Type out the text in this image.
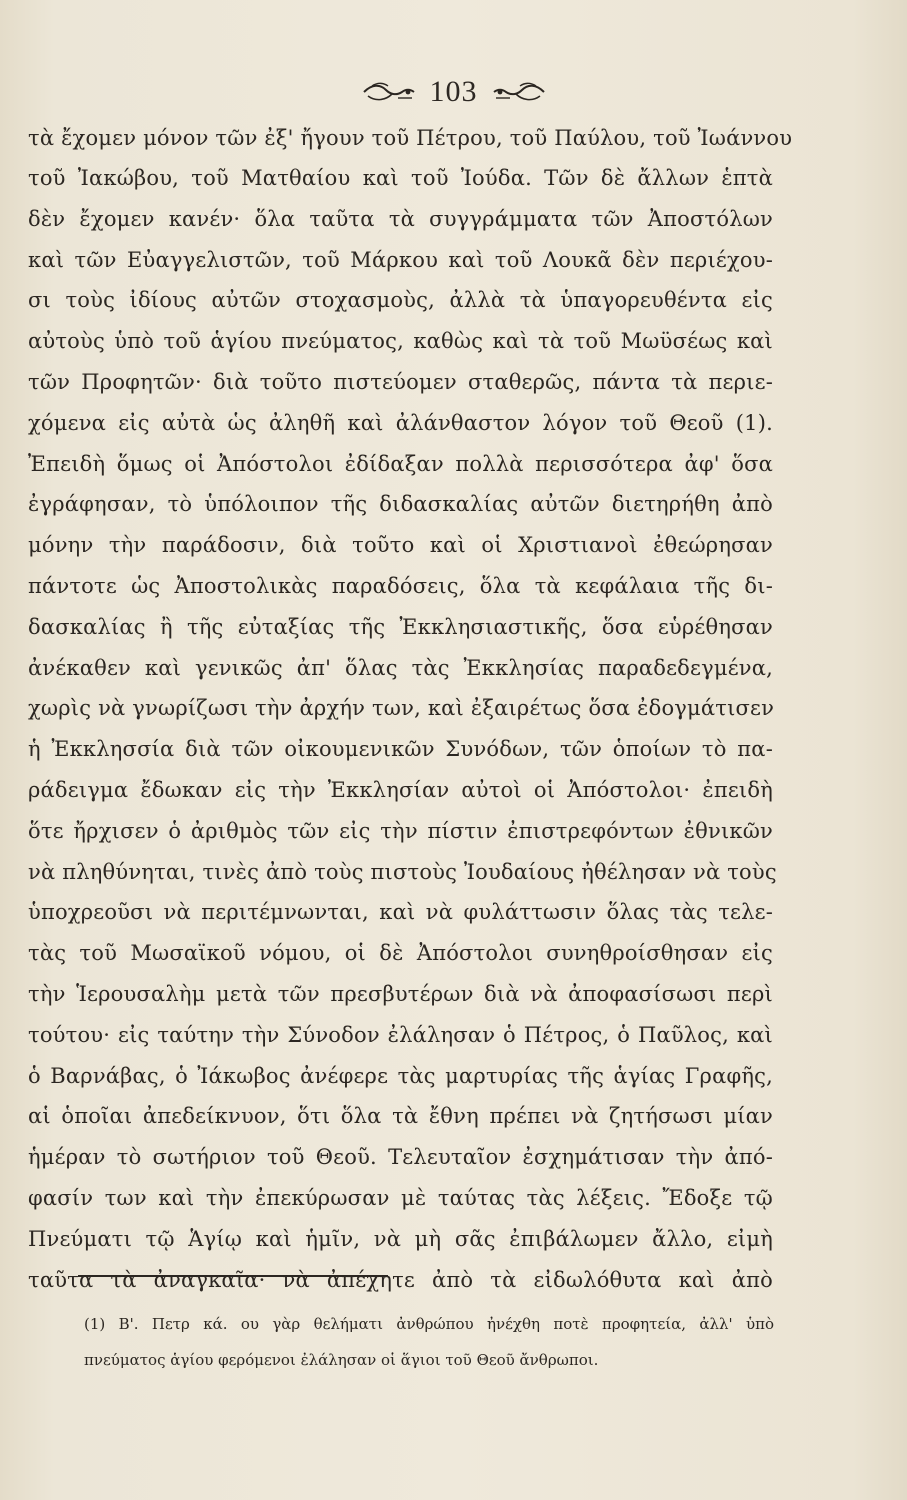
103
τὰ ἔχομεν μόνον τῶν ἐξ' ἤγουν τοῦ Πέτρου, τοῦ Παύλου, τοῦ Ἰωάννου
τοῦ Ἰακώβου, τοῦ Ματθαίου καὶ τοῦ Ἰούδα. Τῶν δὲ ἄλλων ἑπτὰ
δὲν ἔχομεν κανέν· ὅλα ταῦτα τὰ συγγράμματα τῶν Ἀποστόλων
καὶ τῶν Εὐαγγελιστῶν, τοῦ Μάρκου καὶ τοῦ Λουκᾶ δὲν περιέχου-
σι τοὺς ἰδίους αὐτῶν στοχασμοὺς, ἀλλὰ τὰ ὑπαγορευθέντα εἰς
αὐτοὺς ὑπὸ τοῦ ἁγίου πνεύματος, καθὼς καὶ τὰ τοῦ Μωϋσέως καὶ
τῶν Προφητῶν· διὰ τοῦτο πιστεύομεν σταθερῶς, πάντα τὰ περιε-
χόμενα εἰς αὐτὰ ὡς ἀληθῆ καὶ ἀλάνθαστον λόγον τοῦ Θεοῦ (1).
Ἐπειδὴ ὅμως οἱ Ἀπόστολοι ἐδίδαξαν πολλὰ περισσότερα ἀφ' ὅσα
ἐγράφησαν, τὸ ὑπόλοιπον τῆς διδασκαλίας αὐτῶν διετηρήθη ἀπὸ
μόνην τὴν παράδοσιν, διὰ τοῦτο καὶ οἱ Χριστιανοὶ ἐθεώρησαν
πάντοτε ὡς Ἀποστολικὰς παραδόσεις, ὅλα τὰ κεφάλαια τῆς δι-
δασκαλίας ἢ τῆς εὐταξίας τῆς Ἐκκλησιαστικῆς, ὅσα εὑρέθησαν
ἀνέκαθεν καὶ γενικῶς ἀπ' ὅλας τὰς Ἐκκλησίας παραδεδεγμένα,
χωρὶς νὰ γνωρίζωσι τὴν ἀρχήν των, καὶ ἐξαιρέτως ὅσα ἐδογμάτισεν
ἡ Ἐκκλησσία διὰ τῶν οἰκουμενικῶν Συνόδων, τῶν ὁποίων τὸ πα-
ράδειγμα ἔδωκαν εἰς τὴν Ἐκκλησίαν αὐτοὶ οἱ Ἀπόστολοι· ἐπειδὴ
ὅτε ἤρχισεν ὁ ἀριθμὸς τῶν εἰς τὴν πίστιν ἐπιστρεφόντων ἐθνικῶν
νὰ πληθύνηται, τινὲς ἀπὸ τοὺς πιστοὺς Ἰουδαίους ἠθέλησαν νὰ τοὺς
ὑποχρεοῦσι νὰ περιτέμνωνται, καὶ νὰ φυλάττωσιν ὅλας τὰς τελε-
τὰς τοῦ Μωσαϊκοῦ νόμου, οἱ δὲ Ἀπόστολοι συνηθροίσθησαν εἰς
τὴν Ἱερουσαλὴμ μετὰ τῶν πρεσβυτέρων διὰ νὰ ἀποφασίσωσι περὶ
τούτου· εἰς ταύτην τὴν Σύνοδον ἐλάλησαν ὁ Πέτρος, ὁ Παῦλος, καὶ
ὁ Βαρνάβας, ὁ Ἰάκωβος ἀνέφερε τὰς μαρτυρίας τῆς ἁγίας Γραφῆς,
αἱ ὁποῖαι ἀπεδείκνυον, ὅτι ὅλα τὰ ἔθνη πρέπει νὰ ζητήσωσι μίαν
ἡμέραν τὸ σωτήριον τοῦ Θεοῦ. Τελευταῖον ἐσχημάτισαν τὴν ἀπό-
φασίν των καὶ τὴν ἐπεκύρωσαν μὲ ταύτας τὰς λέξεις. Ἔδοξε τῷ
Πνεύματι τῷ Ἁγίῳ καὶ ἡμῖν, νὰ μὴ σᾶς ἐπιβάλωμεν ἄλλο, εἰμὴ
ταῦτα τὰ ἀναγκαῖα· νὰ ἀπέχητε ἀπὸ τὰ εἰδωλόθυτα καὶ ἀπὸ
(1) Β'. Πετρ κά. ου γὰρ θελήματι ἀνθρώπου ἠνέχθη ποτὲ προφητεία, ἀλλ' ὑπὸ
πνεύματος ἁγίου φερόμενοι ἐλάλησαν οἱ ἅγιοι τοῦ Θεοῦ ἄνθρωποι.
